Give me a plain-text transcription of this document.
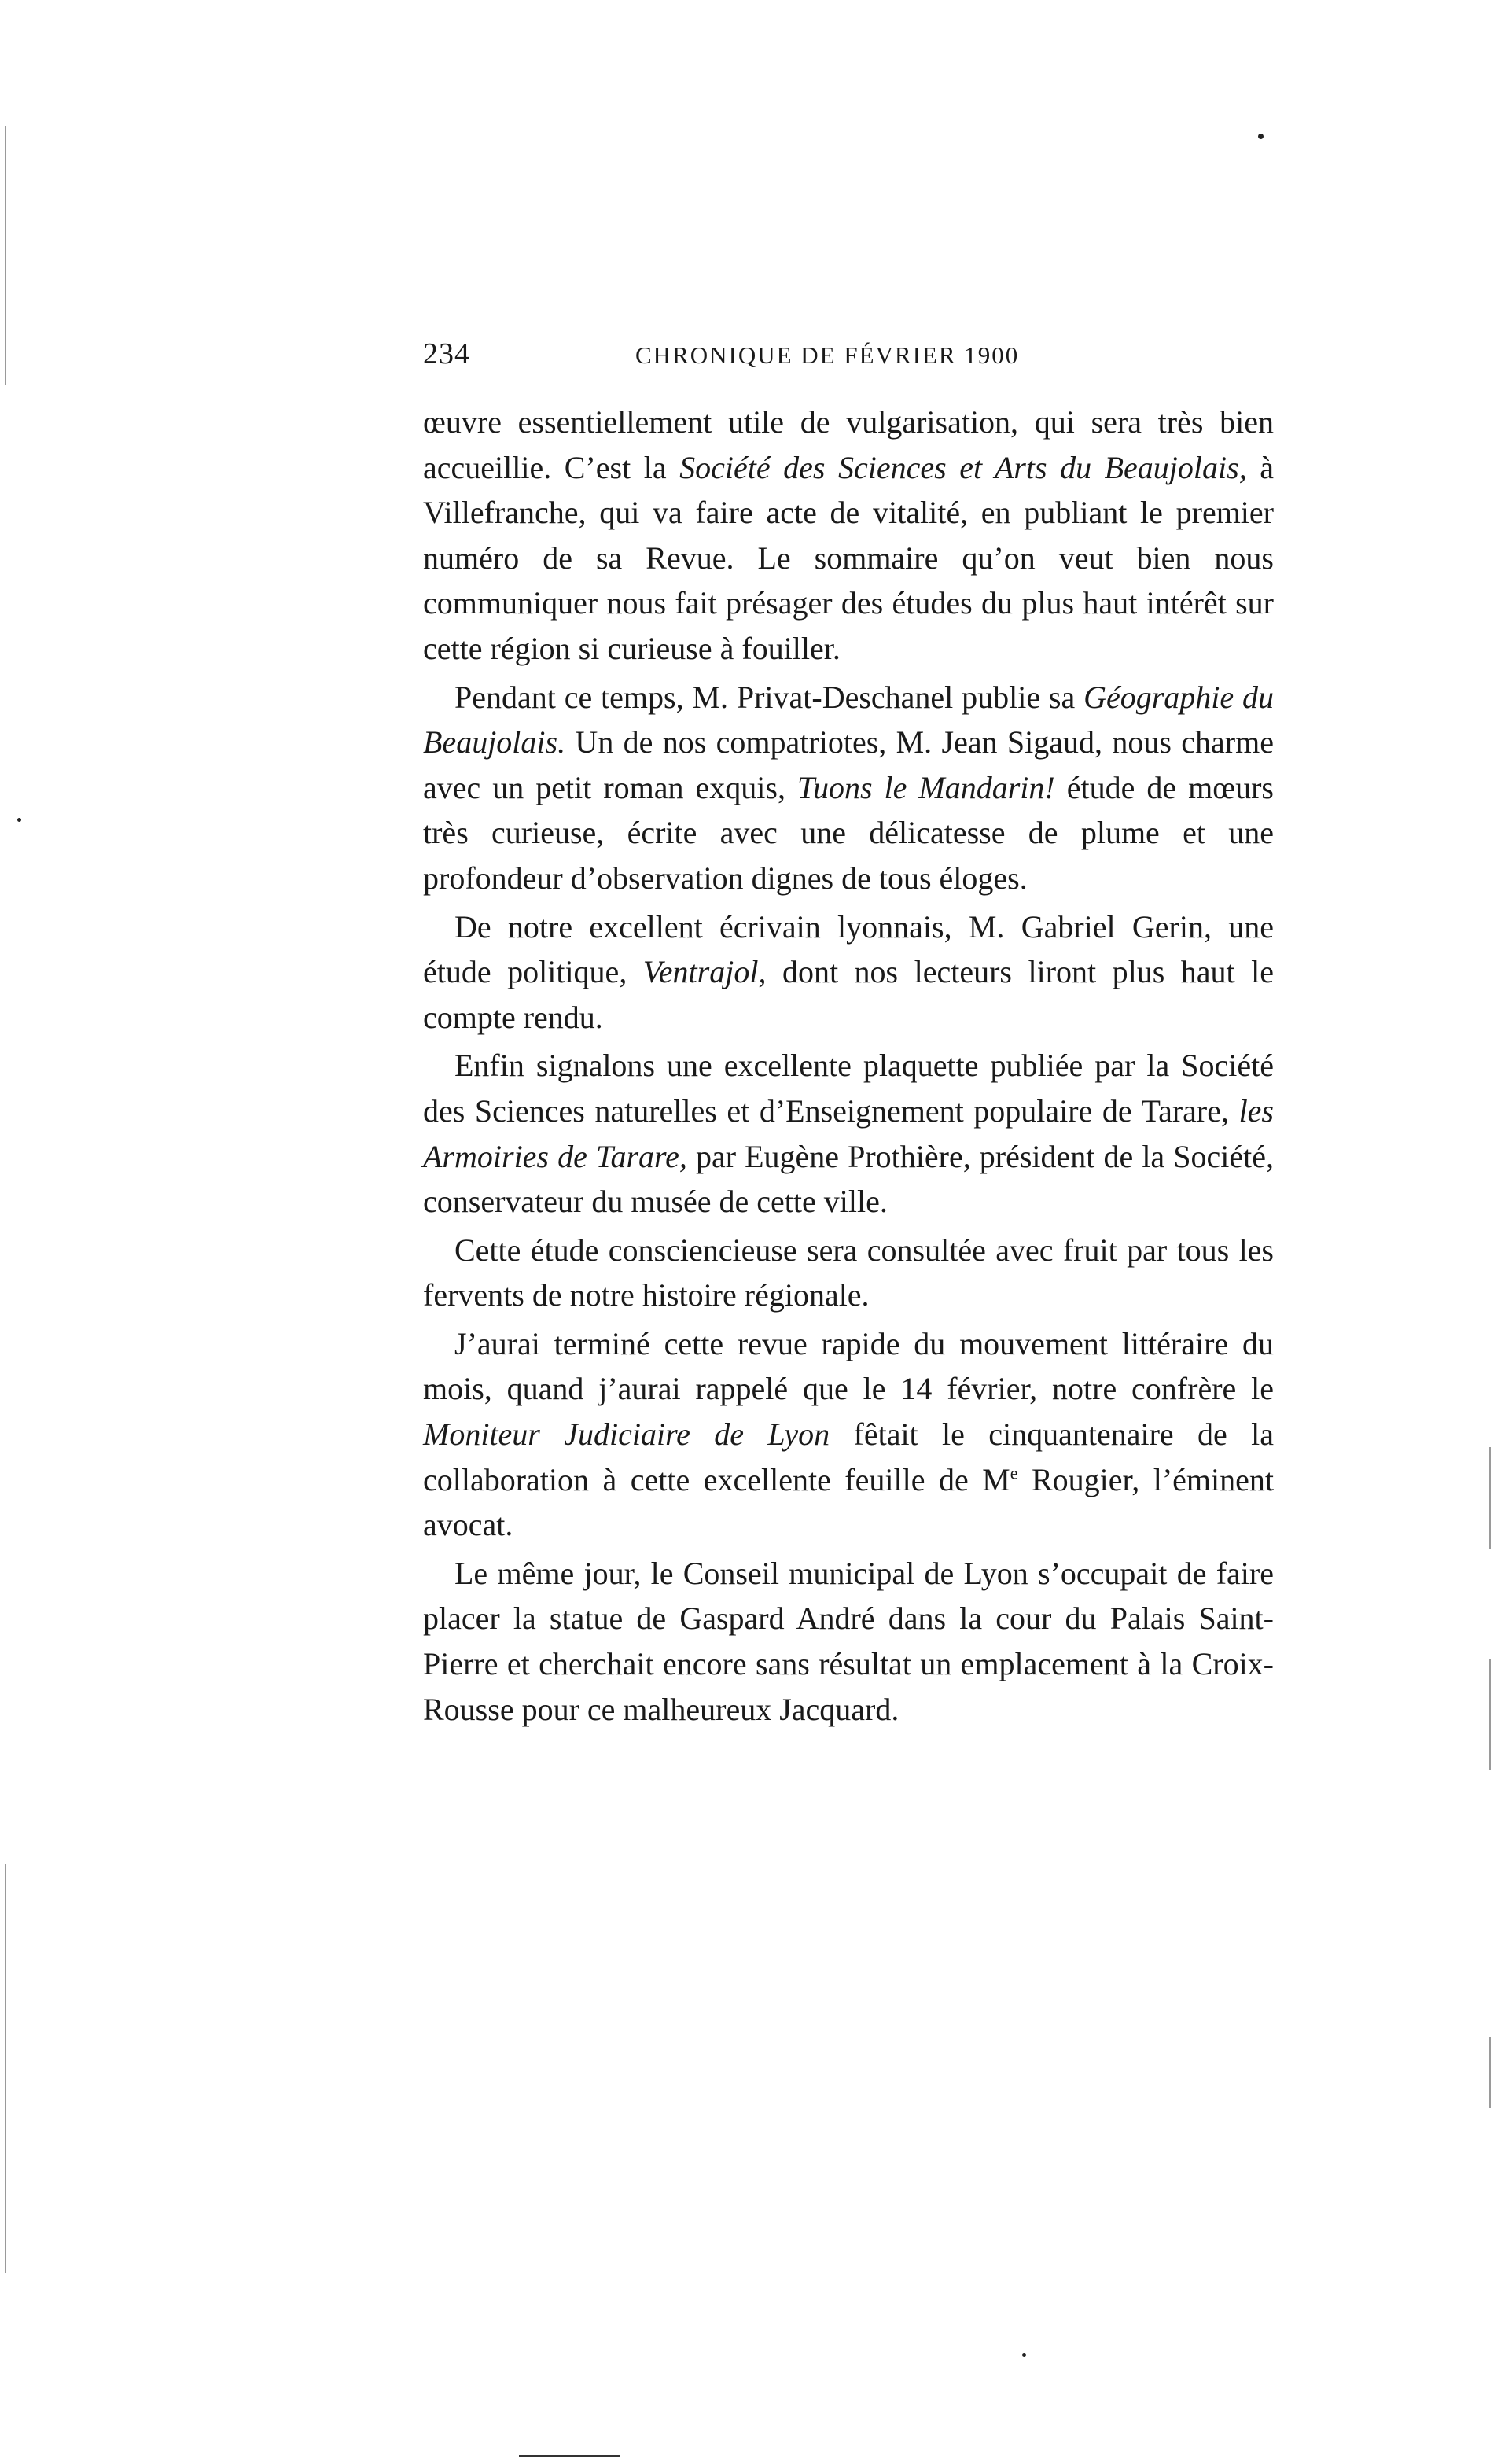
234	CHRONIQUE DE FÉVRIER 1900

œuvre essentiellement utile de vulgarisation, qui sera très bien accueillie. C’est la Société des Sciences et Arts du Beaujolais, à Villefranche, qui va faire acte de vitalité, en publiant le premier numéro de sa Revue. Le sommaire qu’on veut bien nous communiquer nous fait présager des études du plus haut intérêt sur cette région si curieuse à fouiller.

Pendant ce temps, M. Privat-Deschanel publie sa Géographie du Beaujolais. Un de nos compatriotes, M. Jean Sigaud, nous charme avec un petit roman exquis, Tuons le Mandarin! étude de mœurs très curieuse, écrite avec une délicatesse de plume et une profondeur d’observation dignes de tous éloges.

De notre excellent écrivain lyonnais, M. Gabriel Gerin, une étude politique, Ventrajol, dont nos lecteurs liront plus haut le compte rendu.

Enfin signalons une excellente plaquette publiée par la Société des Sciences naturelles et d’Enseignement populaire de Tarare, les Armoiries de Tarare, par Eugène Prothière, président de la Société, conservateur du musée de cette ville.

Cette étude consciencieuse sera consultée avec fruit par tous les fervents de notre histoire régionale.

J’aurai terminé cette revue rapide du mouvement littéraire du mois, quand j’aurai rappelé que le 14 février, notre confrère le Moniteur Judiciaire de Lyon fêtait le cinquantenaire de la collaboration à cette excellente feuille de Me Rougier, l’éminent avocat.

Le même jour, le Conseil municipal de Lyon s’occupait de faire placer la statue de Gaspard André dans la cour du Palais Saint-Pierre et cherchait encore sans résultat un emplacement à la Croix-Rousse pour ce malheureux Jacquard.
